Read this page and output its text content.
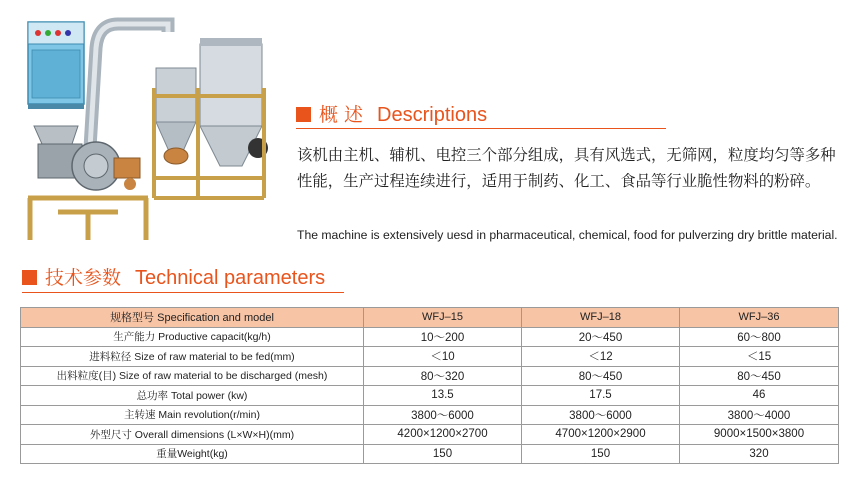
概 述 Descriptions
该机由主机、辅机、电控三个部分组成，具有风选式，无筛网，粒度均匀等多种性能，生产过程连续进行，适用于制药、化工、食品等行业脆性物料的粉碎。
The machine is extensively uesd in pharmaceutical, chemical, food for pulverzing dry brittle material.
技术参数 Technical parameters
规格型号 Specification and model	WFJ–15	WFJ–18	WFJ–36
生产能力 Productive capacit(kg/h)	10～200	20～450	60～800
进料粒径 Size of raw material to be fed(mm)	＜10	＜12	＜15
出料粒度(目) Size of raw material to be discharged (mesh)	80～320	80～450	80～450
总功率 Total power (kw)	13.5	17.5	46
主转速 Main revolution(r/min)	3800～6000	3800～6000	3800～4000
外型尺寸 Overall dimensions (L×W×H)(mm)	4200×1200×2700	4700×1200×2900	9000×1500×3800
重量Weight(kg)	150	150	320
